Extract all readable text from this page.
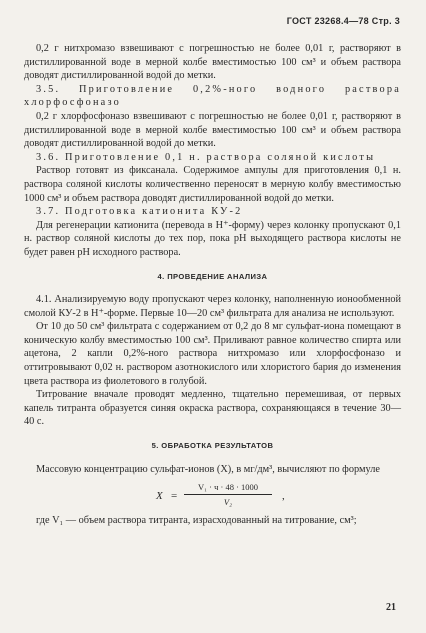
ГОСТ 23268.4—78 Стр. 3

0,2 г нитхромазо взвешивают с погрешностью не более 0,01 г, растворяют в дистиллированной воде в мерной колбе вместимостью 100 см³ и объем раствора доводят дистиллированной водой до метки.

3.5. Приготовление 0,2%-ного водного раствора хлорфосфоназо

0,2 г хлорфосфоназо взвешивают с погрешностью не более 0,01 г, растворяют в дистиллированной воде в мерной колбе вместимостью 100 см³ и объем раствора доводят дистиллированной водой до метки.

3.6. Приготовление 0,1 н. раствора соляной кислоты

Раствор готовят из фиксанала. Содержимое ампулы для приготовления 0,1 н. раствора соляной кислоты количественно переносят в мерную колбу вместимостью 1000 см³ и объем раствора доводят дистиллированной водой до метки.

3.7. Подготовка катионита КУ-2

Для регенерации катионита (перевода в Н⁺-форму) через колонку пропускают 0,1 н. раствор соляной кислоты до тех пор, пока рН выходящего раствора кислоты не будет равен рН исходного раствора.

4. ПРОВЕДЕНИЕ АНАЛИЗА

4.1. Анализируемую воду пропускают через колонку, наполненную ионообменной смолой КУ-2 в Н⁺-форме. Первые 10—20 см³ фильтрата для анализа не используют.

От 10 до 50 см³ фильтрата с содержанием от 0,2 до 8 мг сульфат-иона помещают в коническую колбу вместимостью 100 см³. Приливают равное количество спирта или ацетона, 2 капли 0,2%-ного раствора нитхромазо или хлорфосфоназо и оттитровывают 0,02 н. раствором азотнокислого или хлористого бария до изменения цвета раствора из фиолетового в голубой.

Титрование вначале проводят медленно, тщательно перемешивая, от первых капель титранта образуется синяя окраска раствора, сохраняющаяся в течение 30—40 с.

5. ОБРАБОТКА РЕЗУЛЬТАТОВ

Массовую концентрацию сульфат-ионов (X), в мг/дм³, вычисляют по формуле

X =
V₁ · ч · 48 · 1000
V₂	,

где V₁ — объем раствора титранта, израсходованный на титрование, см³;

21
